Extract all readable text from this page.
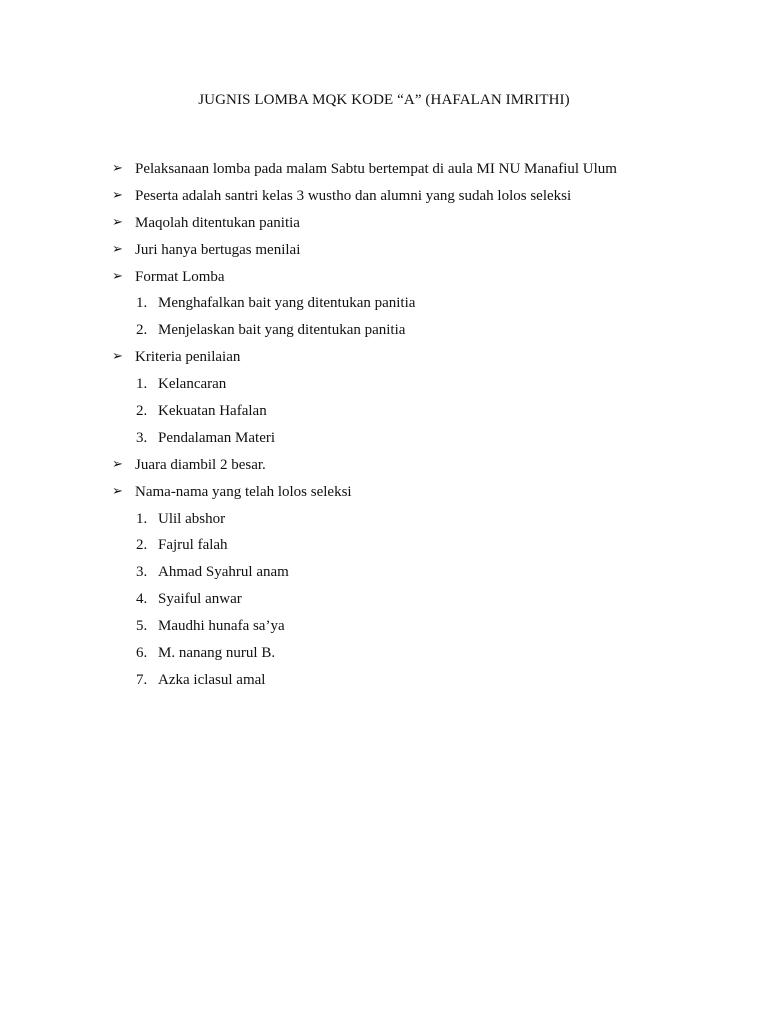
JUGNIS LOMBA MQK KODE “A” (HAFALAN IMRITHI)
➢ Pelaksanaan lomba pada malam Sabtu bertempat di aula MI NU Manafiul Ulum
➢ Peserta adalah santri kelas 3 wustho dan alumni yang sudah lolos seleksi
➢ Maqolah ditentukan panitia
➢ Juri hanya bertugas menilai
➢ Format Lomba
1. Menghafalkan bait yang ditentukan panitia
2. Menjelaskan bait yang ditentukan panitia
➢ Kriteria penilaian
1. Kelancaran
2. Kekuatan Hafalan
3. Pendalaman Materi
➢ Juara diambil 2 besar.
➢ Nama-nama yang telah lolos seleksi
1. Ulil abshor
2. Fajrul falah
3. Ahmad Syahrul anam
4. Syaiful anwar
5. Maudhi hunafa sa’ya
6. M. nanang nurul B.
7. Azka iclasul amal
